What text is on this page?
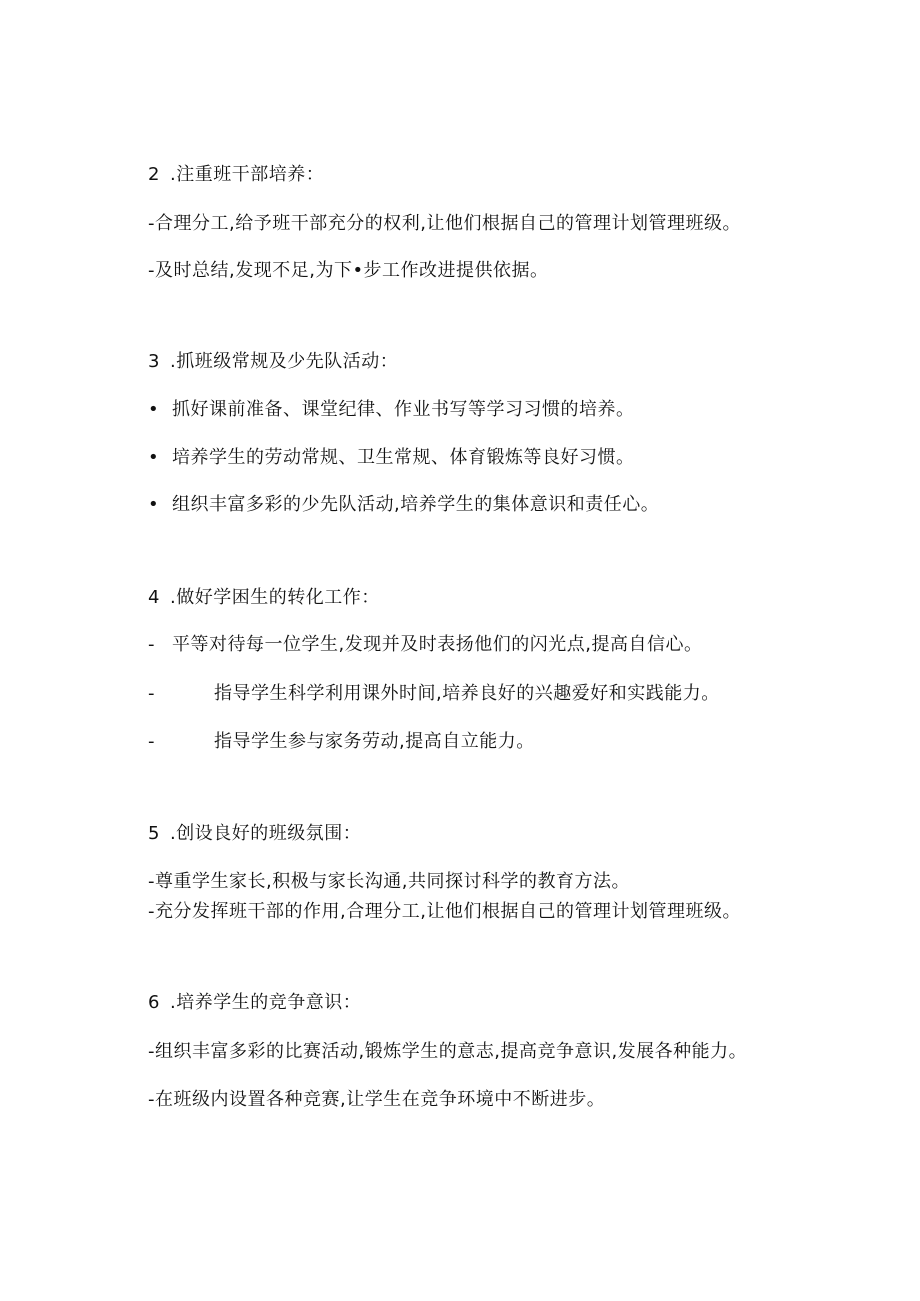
2 .注重班干部培养：
-合理分工,给予班干部充分的权利,让他们根据自己的管理计划管理班级。
-及时总结,发现不足,为下•步工作改进提供依据。
3 .抓班级常规及少先队活动：
• 抓好课前准备、课堂纪律、作业书写等学习习惯的培养。
• 培养学生的劳动常规、卫生常规、体育锻炼等良好习惯。
• 组织丰富多彩的少先队活动,培养学生的集体意识和责任心。
4 .做好学困生的转化工作：
- 平等对待每一位学生,发现并及时表扬他们的闪光点,提高自信心。
-	指导学生科学利用课外时间,培养良好的兴趣爱好和实践能力。
-	指导学生参与家务劳动,提高自立能力。
5 .创设良好的班级氛围：
-尊重学生家长,积极与家长沟通,共同探讨科学的教育方法。
-充分发挥班干部的作用,合理分工,让他们根据自己的管理计划管理班级。
6 .培养学生的竞争意识：
-组织丰富多彩的比赛活动,锻炼学生的意志,提高竞争意识,发展各种能力。
-在班级内设置各种竞赛,让学生在竞争环境中不断进步。
